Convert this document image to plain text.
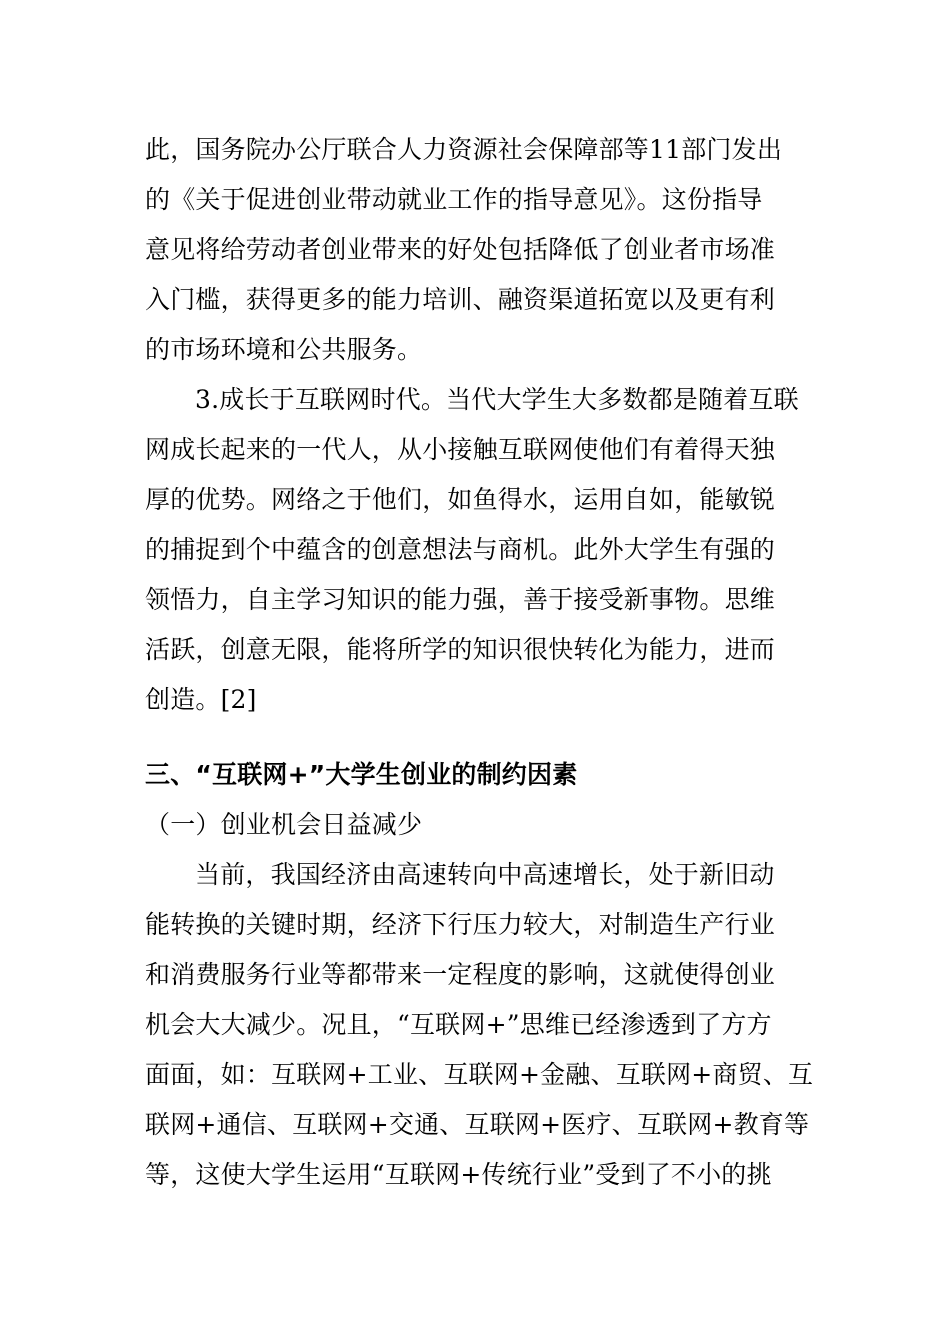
此，国务院办公厅联合人力资源社会保障部等11部门发出
的《关于促进创业带动就业工作的指导意见》。这份指导
意见将给劳动者创业带来的好处包括降低了创业者市场准
入门槛，获得更多的能力培训、融资渠道拓宽以及更有利
的市场环境和公共服务。
3.成长于互联网时代。当代大学生大多数都是随着互联
网成长起来的一代人，从小接触互联网使他们有着得天独
厚的优势。网络之于他们，如鱼得水，运用自如，能敏锐
的捕捉到个中蕴含的创意想法与商机。此外大学生有强的
领悟力，自主学习知识的能力强，善于接受新事物。思维
活跃，创意无限，能将所学的知识很快转化为能力，进而
创造。[2]
三、“互联网+”大学生创业的制约因素
（一）创业机会日益减少
当前，我国经济由高速转向中高速增长，处于新旧动
能转换的关键时期，经济下行压力较大，对制造生产行业
和消费服务行业等都带来一定程度的影响，这就使得创业
机会大大减少。况且，“互联网+”思维已经渗透到了方方
面面，如：互联网+工业、互联网+金融、互联网+商贸、互
联网+通信、互联网+交通、互联网+医疗、互联网+教育等
等，这使大学生运用“互联网+传统行业”受到了不小的挑
